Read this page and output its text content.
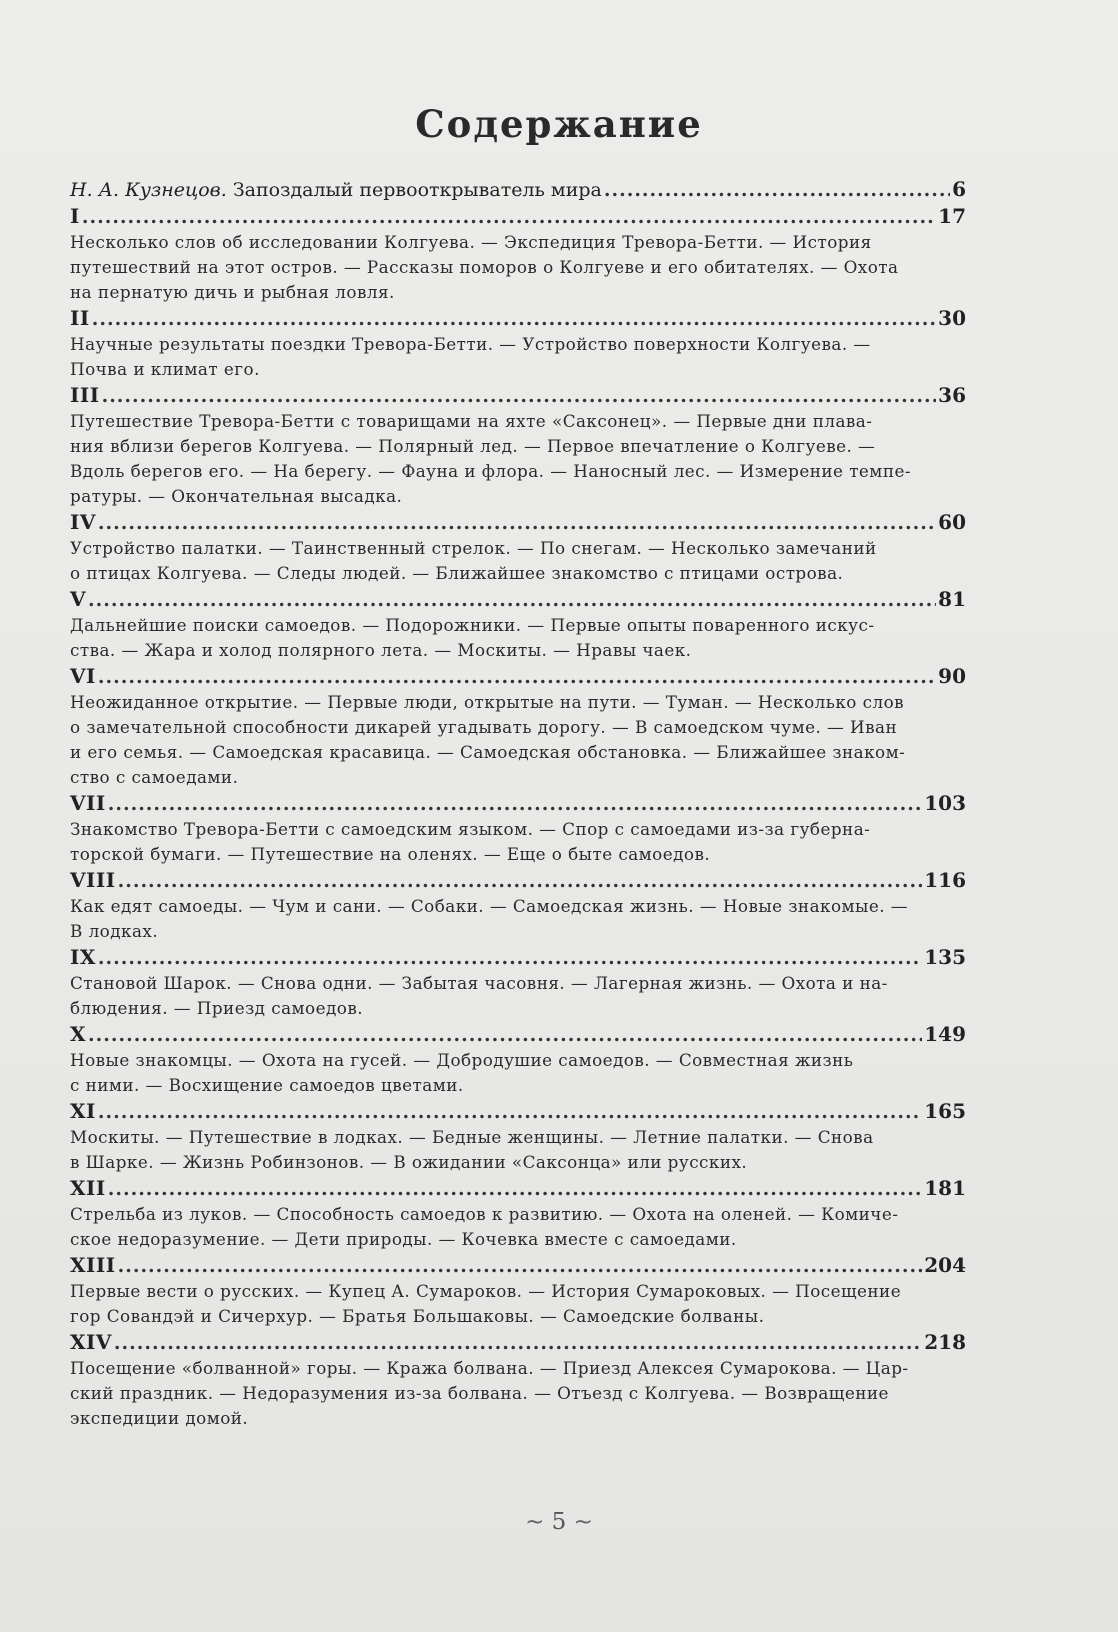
Содержание
Н. А. Кузнецов. Запоздалый первооткрыватель мира .....	6
I .....	17
Несколько слов об исследовании Колгуева. — Экспедиция Тревора-Бетти. — История
путешествий на этот остров. — Рассказы поморов о Колгуеве и его обитателях. — Охота
на пернатую дичь и рыбная ловля.
II .....	30
Научные результаты поездки Тревора-Бетти. — Устройство поверхности Колгуева. —
Почва и климат его.
III .....	36
Путешествие Тревора-Бетти с товарищами на яхте «Саксонец». — Первые дни плава-
ния вблизи берегов Колгуева. — Полярный лед. — Первое впечатление о Колгуеве. —
Вдоль берегов его. — На берегу. — Фауна и флора. — Наносный лес. — Измерение темпе-
ратуры. — Окончательная высадка.
IV .....	60
Устройство палатки. — Таинственный стрелок. — По снегам. — Несколько замечаний
о птицах Колгуева. — Следы людей. — Ближайшее знакомство с птицами острова.
V .....	81
Дальнейшие поиски самоедов. — Подорожники. — Первые опыты поваренного искус-
ства. — Жара и холод полярного лета. — Москиты. — Нравы чаек.
VI .....	90
Неожиданное открытие. — Первые люди, открытые на пути. — Туман. — Несколько слов
о замечательной способности дикарей угадывать дорогу. — В самоедском чуме. — Иван
и его семья. — Самоедская красавица. — Самоедская обстановка. — Ближайшее знаком-
ство с самоедами.
VII .....	103
Знакомство Тревора-Бетти с самоедским языком. — Спор с самоедами из-за губерна-
торской бумаги. — Путешествие на оленях. — Еще о быте самоедов.
VIII .....	116
Как едят самоеды. — Чум и сани. — Собаки. — Самоедская жизнь. — Новые знакомые. —
В лодках.
IX .....	135
Становой Шарок. — Снова одни. — Забытая часовня. — Лагерная жизнь. — Охота и на-
блюдения. — Приезд самоедов.
X .....	149
Новые знакомцы. — Охота на гусей. — Добродушие самоедов. — Совместная жизнь
с ними. — Восхищение самоедов цветами.
XI .....	165
Москиты. — Путешествие в лодках. — Бедные женщины. — Летние палатки. — Снова
в Шарке. — Жизнь Робинзонов. — В ожидании «Саксонца» или русских.
XII .....	181
Стрельба из луков. — Способность самоедов к развитию. — Охота на оленей. — Комиче-
ское недоразумение. — Дети природы. — Кочевка вместе с самоедами.
XIII .....	204
Первые вести о русских. — Купец А. Сумароков. — История Сумароковых. — Посещение
гор Совандэй и Сичерхур. — Братья Большаковы. — Самоедские болваны.
XIV .....	218
Посещение «болванной» горы. — Кража болвана. — Приезд Алексея Сумарокова. — Цар-
ский праздник. — Недоразумения из-за болвана. — Отъезд с Колгуева. — Возвращение
экспедиции домой.
~ 5 ~
